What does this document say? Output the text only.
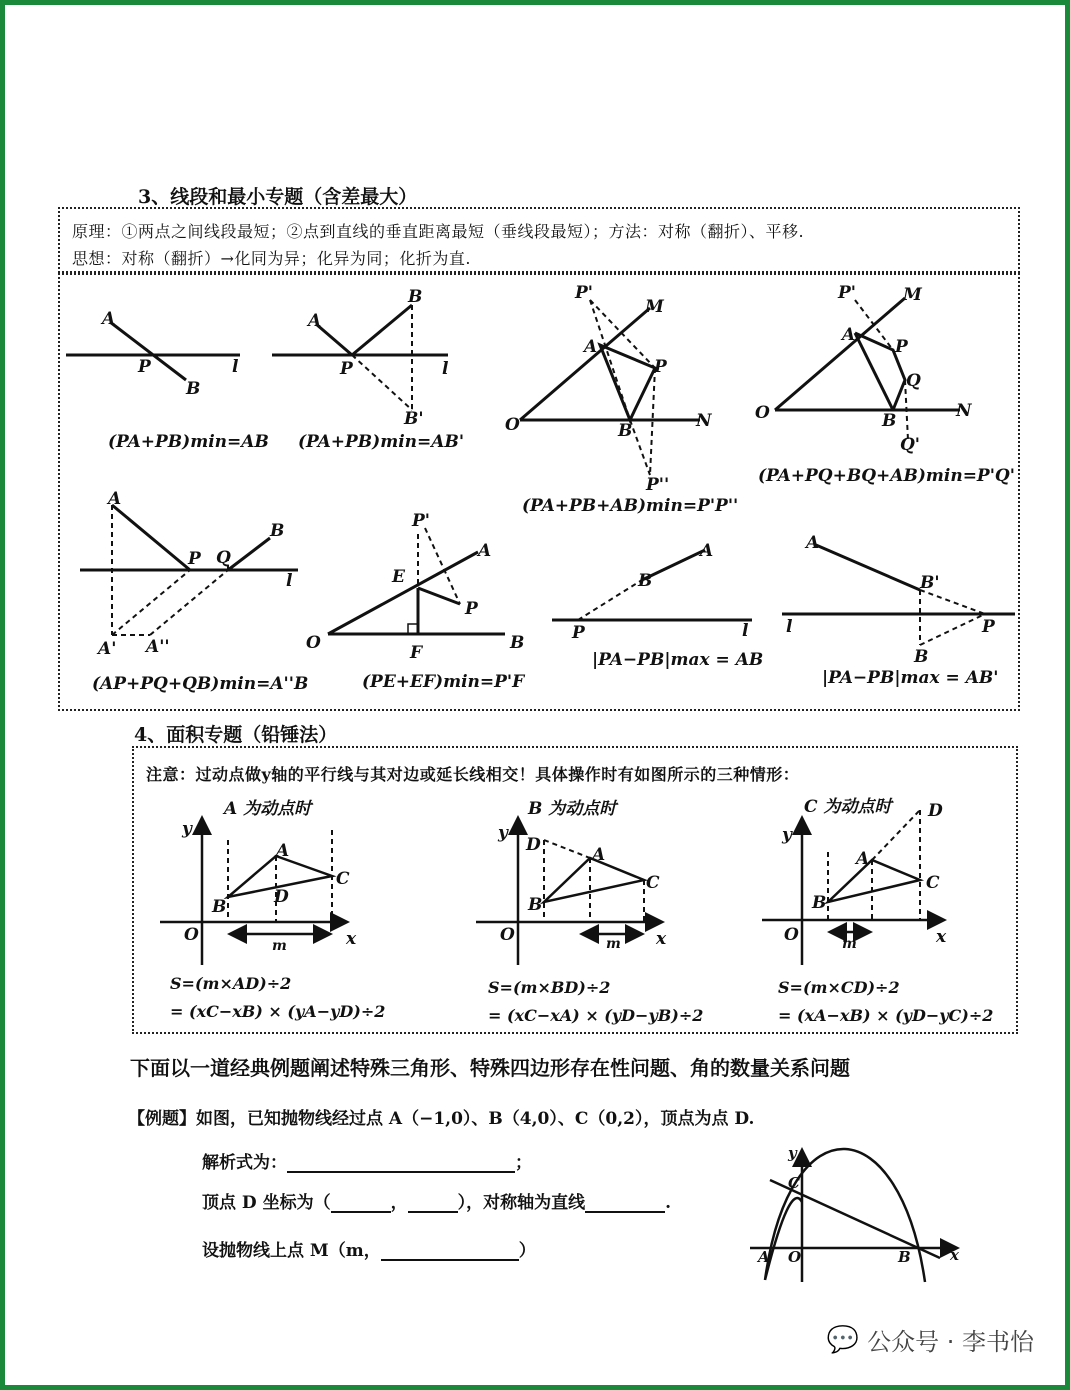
3、线段和最小专题（含差最大）
原理：①两点之间线段最短；②点到直线的垂直距离最短（垂线段最短）；方法：对称（翻折）、平移.
思想：对称（翻折）→化同为异；化异为同；化折为直.
A
P
B
l
A
P
B
B'
l
P'
M
A
P
O	B	N
P''
P'	M
A
P
Q
O	B	N
Q'
A
P Q
B
l
A' A''
P'
A
E
P
O	F	B
A
B
P	l
A
B'
l	P
B
(PA+PB)min=AB (PA+PB)min=AB'
(PA+PB+AB)min=P'P''
(PA+PQ+BQ+AB)min=P'Q'
(AP+PQ+QB)min=A''B	(PE+EF)min=P'F
|PA−PB|max = AB
|PA−PB|max = AB'
4、面积专题（铅锤法）
注意：过动点做y轴的平行线与其对边或延长线相交！具体操作时有如图所示的三种情形：
A 为动点时	B 为动点时	C 为动点时
y
x
O
A
B
C
D
m
y
x
O
A
B
C
D
m
y
x
O
A
B
C
D
m
S=(m×AD)÷2
= (xC−xB) × (yA−yD)÷2
S=(m×BD)÷2
= (xC−xA) × (yD−yB)÷2
S=(m×CD)÷2
= (xA−xB) × (yD−yC)÷2
下面以一道经典例题阐述特殊三角形、特殊四边形存在性问题、角的数量关系问题
【例题】如图，已知抛物线经过点 A（−1,0）、B（4,0）、C（0,2），顶点为点 D.
解析式为：	；
顶点 D 坐标为（	，	），对称轴为直线	.
设抛物线上点 M（m，	）
y
x
C
A O	B
💬 公众号 · 李书怡
